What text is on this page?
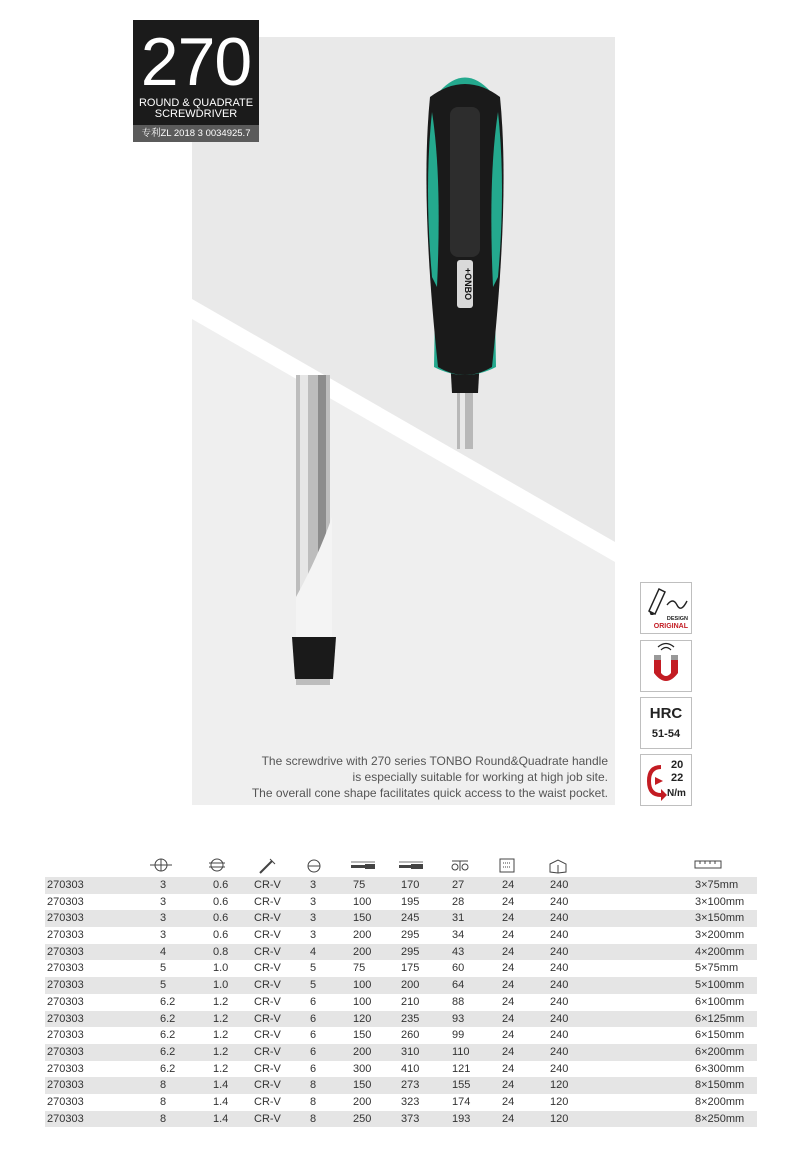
+ONBO
270
ROUND & QUADRATE
SCREWDRIVER
专利ZL 2018 3 0034925.7
The screwdrive with 270 series TONBO Round&Quadrate handle
is especially suitable for working at high job site.
The overall cone shape facilitates quick access to the waist pocket.
DESIGN
ORIGINAL
HRC
51-54
20
22
N/m
270303	3	0.6 CR-V	3	75	170	27	24	240	3×75mm
270303	3	0.6 CR-V	3	100	195	28	24	240	3×100mm
270303	3	0.6 CR-V	3	150	245	31	24	240	3×150mm
270303	3	0.6 CR-V	3	200	295	34	24	240	3×200mm
270303	4	0.8 CR-V	4	200	295	43	24	240	4×200mm
270303	5	1.0 CR-V	5	75	175	60	24	240	5×75mm
270303	5	1.0 CR-V	5	100	200	64	24	240	5×100mm
270303	6.2	1.2 CR-V	6	100	210	88	24	240	6×100mm
270303	6.2	1.2 CR-V	6	120	235	93	24	240	6×125mm
270303	6.2	1.2 CR-V	6	150	260	99	24	240	6×150mm
270303	6.2	1.2 CR-V	6	200	310	110	24	240	6×200mm
270303	6.2	1.2 CR-V	6	300	410	121	24	240	6×300mm
270303	8	1.4 CR-V	8	150	273	155	24	120	8×150mm
270303	8	1.4 CR-V	8	200	323	174	24	120	8×200mm
270303	8	1.4 CR-V	8	250	373	193	24	120	8×250mm
